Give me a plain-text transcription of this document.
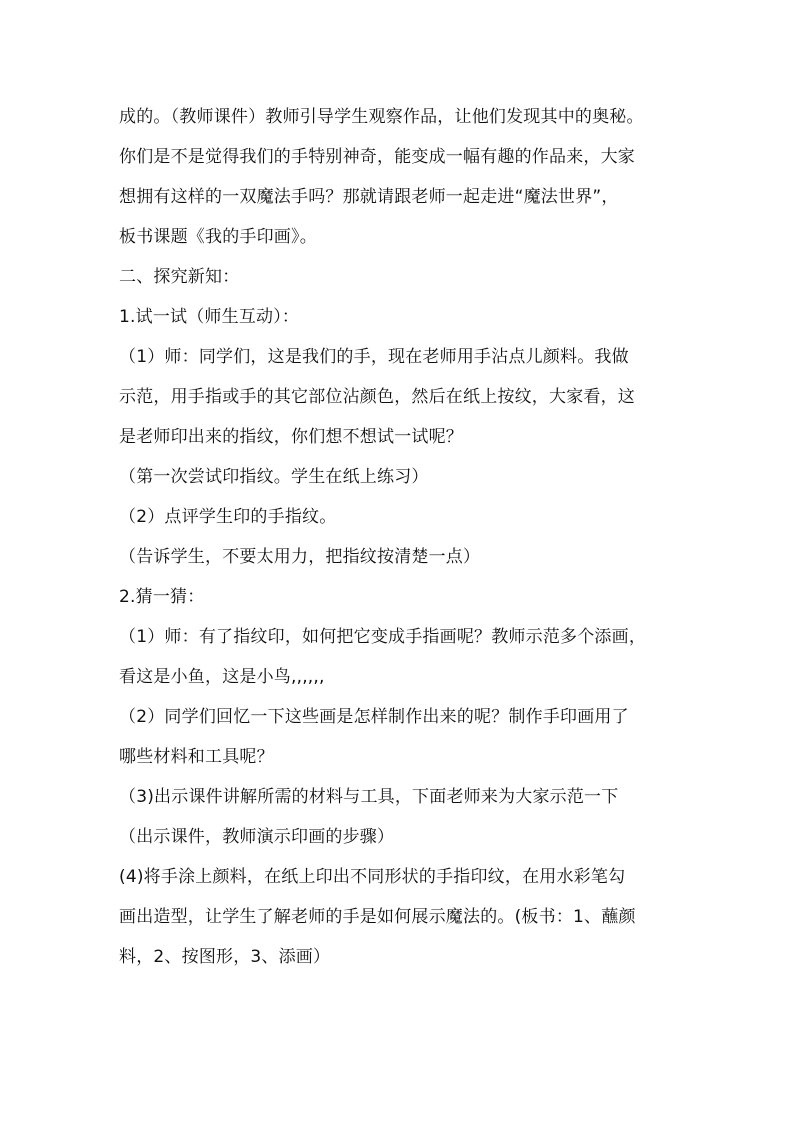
成的。（教师课件）教师引导学生观察作品，让他们发现其中的奥秘。
你们是不是觉得我们的手特别神奇，能变成一幅有趣的作品来，大家
想拥有这样的一双魔法手吗？那就请跟老师一起走进“魔法世界”，
板书课题《我的手印画》。
二、探究新知：
1.试一试（师生互动）：
（1）师：同学们，这是我们的手，现在老师用手沾点儿颜料。我做
示范，用手指或手的其它部位沾颜色，然后在纸上按纹，大家看，这
是老师印出来的指纹，你们想不想试一试呢？
（第一次尝试印指纹。学生在纸上练习）
（2）点评学生印的手指纹。
（告诉学生，不要太用力，把指纹按清楚一点）
2.猜一猜：
（1）师：有了指纹印，如何把它变成手指画呢？教师示范多个添画，
看这是小鱼，这是小鸟,,,,,,
（2）同学们回忆一下这些画是怎样制作出来的呢？制作手印画用了
哪些材料和工具呢？
（3)出示课件讲解所需的材料与工具，下面老师来为大家示范一下
（出示课件，教师演示印画的步骤）
(4)将手涂上颜料，在纸上印出不同形状的手指印纹，在用水彩笔勾
画出造型，让学生了解老师的手是如何展示魔法的。(板书：1、蘸颜
料，2、按图形，3、添画）
